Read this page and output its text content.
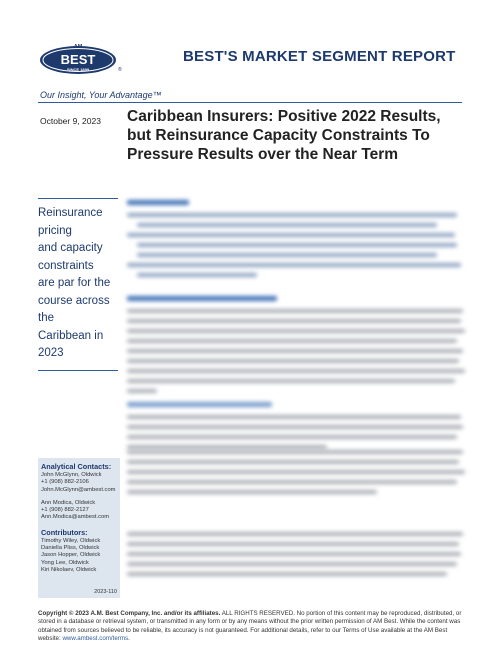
AM
BEST
SINCE 1899	®
BEST'S MARKET SEGMENT REPORT
Our Insight, Your Advantage™
October 9, 2023 Caribbean Insurers: Positive 2022 Results, but Reinsurance Capacity Constraints To Pressure Results over the Near Term
Reinsurance pricing
and capacity
constraints
are par for the
course across the
Caribbean in 2023
Analytical Contacts:
John McGlynn, Oldwick
+1 (908) 882-2106
John.McGlynn@ambest.com
Ann Modica, Oldwick
+1 (908) 882-2127
Ann.Modica@ambest.com
Contributors:
Timothy Wiley, Oldwick
Daniella Pliss, Oldwick
Jason Hopper, Oldwick
Yong Lee, Oldwick
Kiri Nikolaev, Oldwick
2023-110
Copyright © 2023 A.M. Best Company, Inc. and/or its affiliates. ALL RIGHTS RESERVED. No portion of this content may be reproduced, distributed, or stored in a database or retrieval system, or transmitted in any form or by any means without the prior written permission of AM Best. While the content was obtained from sources believed to be reliable, its accuracy is not guaranteed. For additional details, refer to our Terms of Use available at the AM Best website: www.ambest.com/terms.
